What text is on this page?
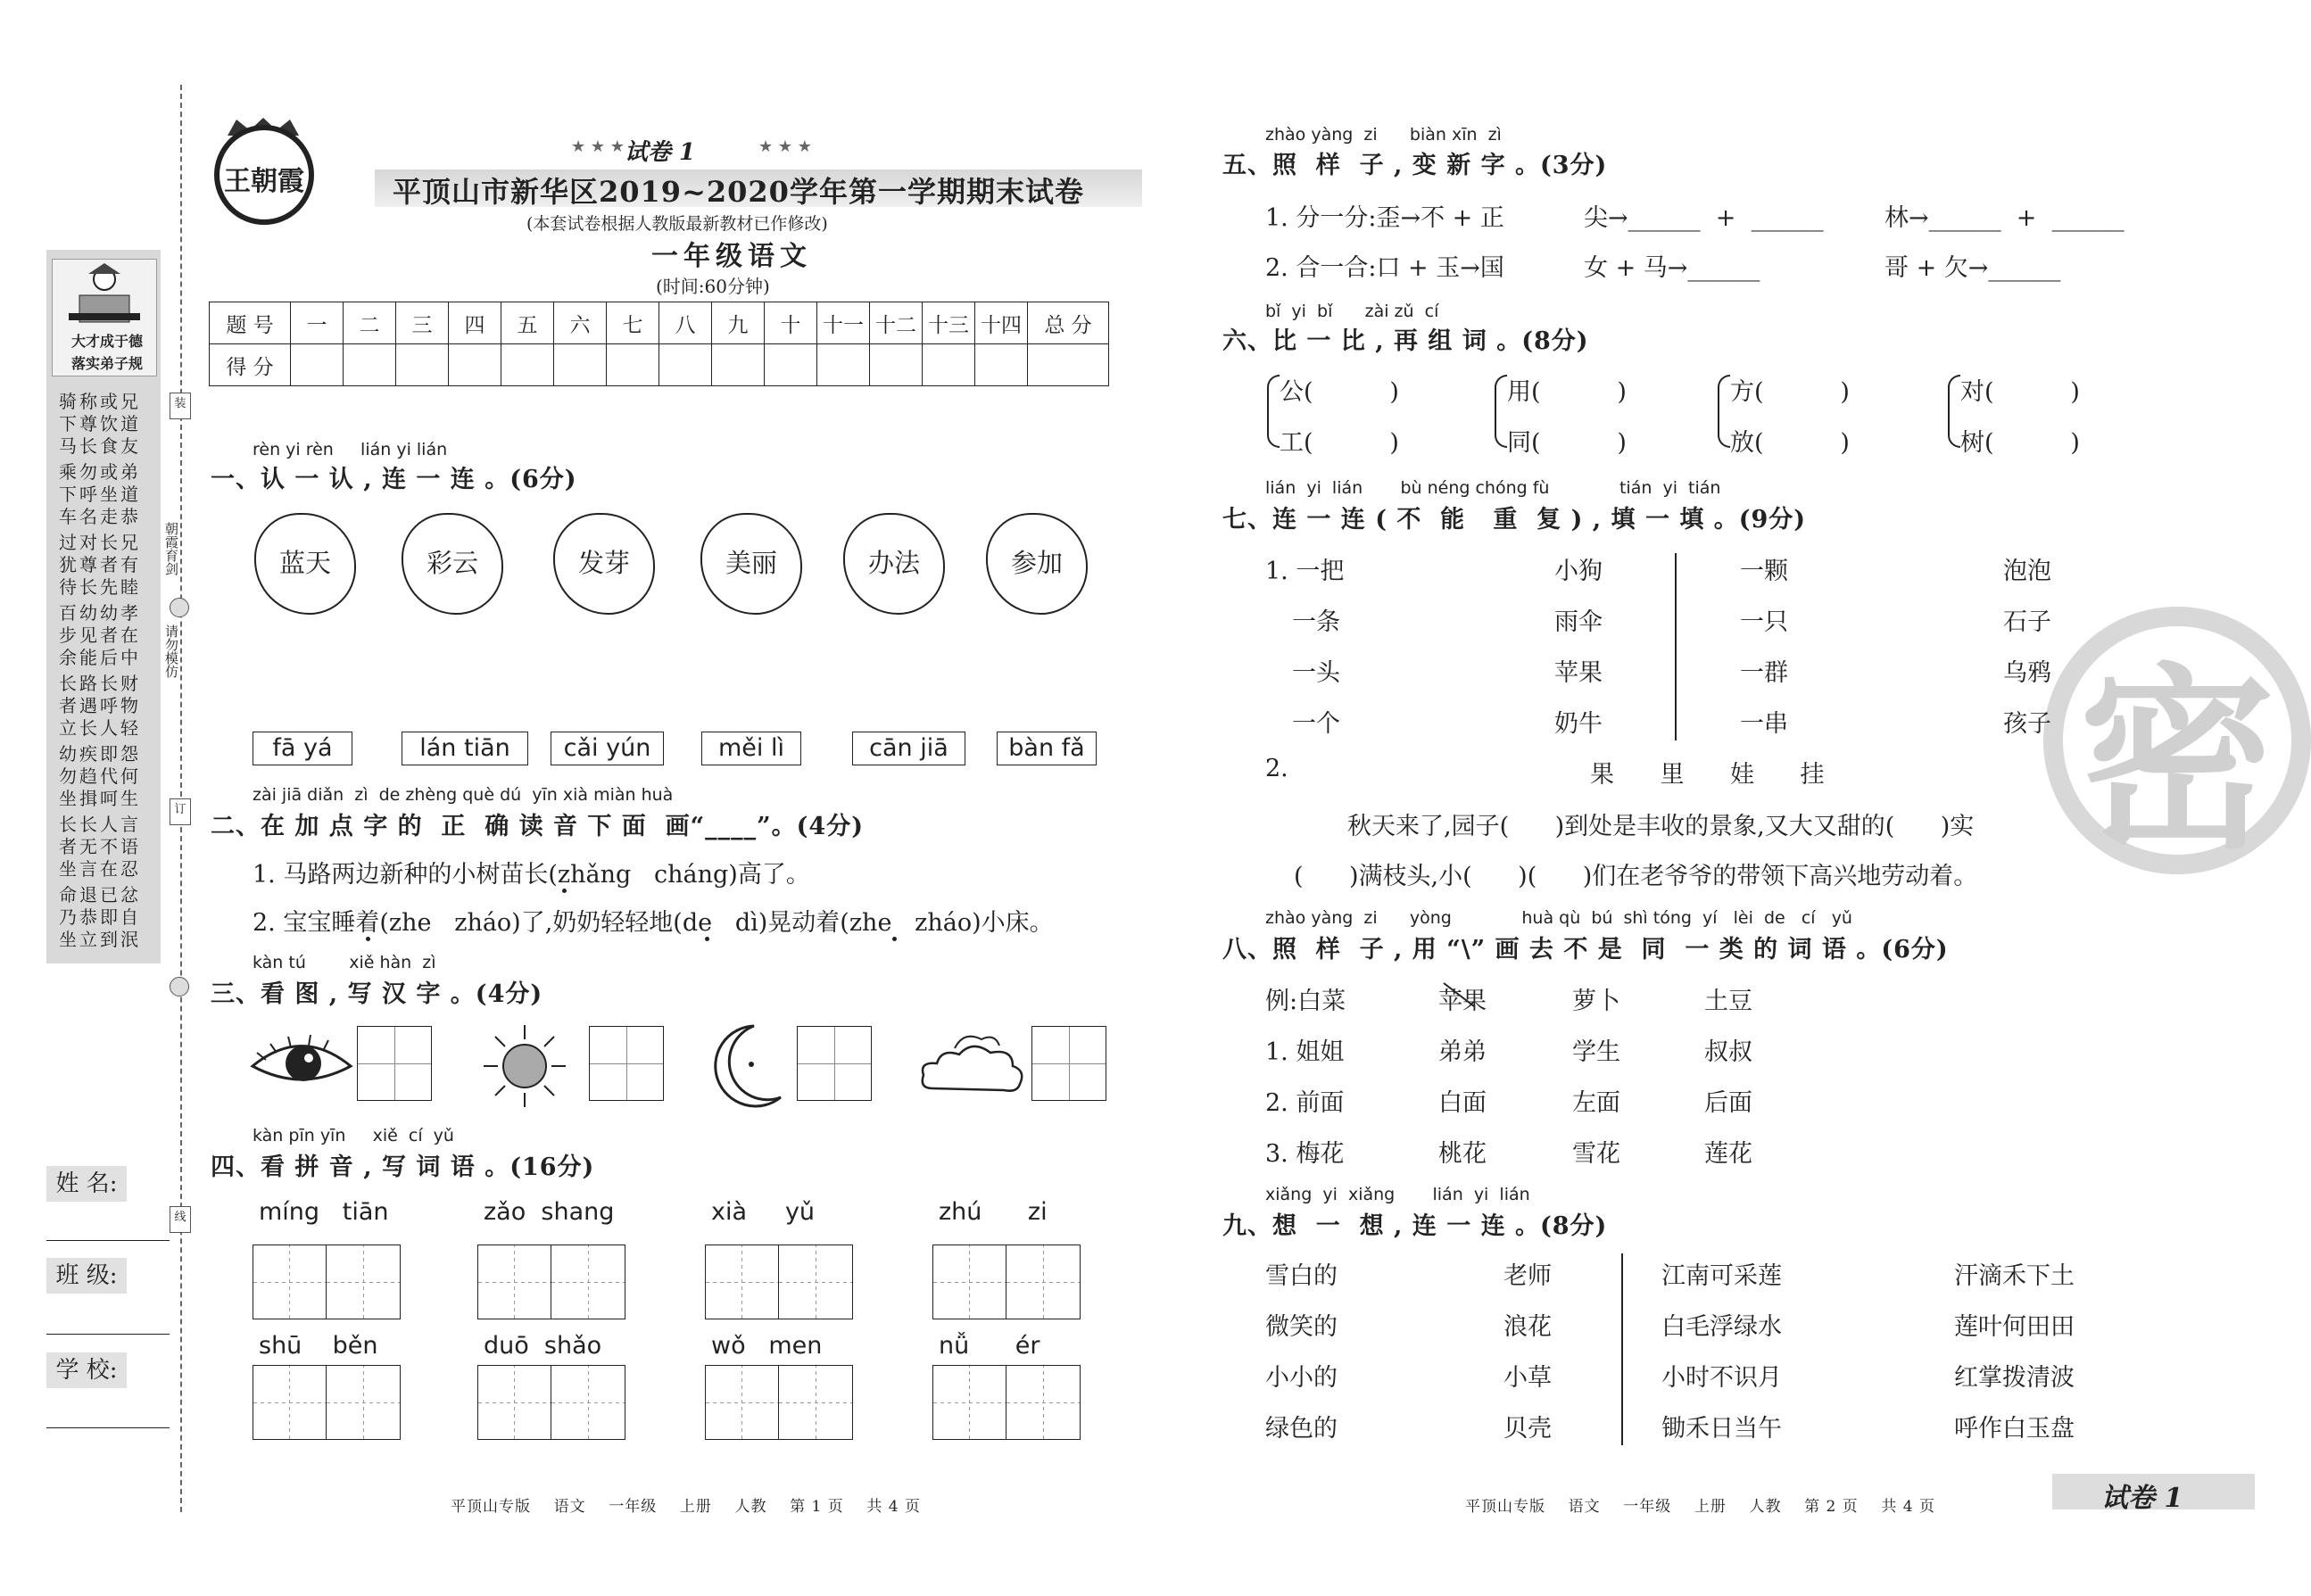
大才成于德
落实弟子规
骑称或兄
下尊饮道
马长食友
乘勿或弟
下呼坐道
车名走恭
过对长兄
犹尊者有
待长先睦
百幼幼孝
步见者在
余能后中
长路长财
者遇呼物
立长人轻
幼疾即怨
勿趋代何
坐揖呵生
长长人言
者无不语
坐言在忍
命退已忿
乃恭即自
坐立到泯
装
订
线
朝霞育剑
请勿模仿
姓 名:
班 级:
学 校:
王朝霞
试卷 1
★ ★ ★	★ ★ ★
平顶山市新华区2019~2020学年第一学期期末试卷
(本套试卷根据人教版最新教材已作修改)
一年级语文
(时间:60分钟)
题 号	一	二	三	四	五	六	七	八	九	十	十一	十二	十三	十四	总 分
得 分															
rèn yi rèn     lián yi lián
一、认 一 认 , 连 一 连 。(6分)
蓝天	彩云	发芽	美丽	办法	参加
fā yá	lán tiān	cǎi yún	měi lì	cān jiā	bàn fǎ
zài jiā diǎn  zì  de zhèng què dú  yīn xià miàn huà
二、在 加 点 字 的  正  确 读 音 下 面  画“____”。(4分)
1. 马路两边新种的小树苗长(zhǎng   cháng)高了。
2. 宝宝睡着(zhe   zháo)了,奶奶轻轻地(de   dì)晃动着(zhe   zháo)小床。
kàn tú        xiě hàn  zì
三、看 图 , 写 汉 字 。(4分)
kàn pīn yīn     xiě  cí  yǔ
四、看 拼 音 , 写 词 语 。(16分)
míng   tiān	zǎo  shang	xià     yǔ	zhú      zi
shū    běn	duō  shǎo	wǒ   men	nǚ      ér
密
zhào yàng  zi      biàn xīn  zì
五、照  样  子 , 变 新 字 。(3分)
1. 分一分:歪→不 + 正	尖→______  +  ______	林→______  +  ______
2. 合一合:口 + 玉→国	女 + 马→______	哥 + 欠→______
bǐ  yi  bǐ      zài zǔ  cí
六、比 一 比 , 再 组 词 。(8分)
公(          )
工(          )
用(          )
同(          )
方(          )
放(          )
对(          )
树(          )
lián  yi  lián       bù néng chóng fù             tián  yi  tián
七、连 一 连 ( 不  能   重  复 ) , 填 一 填 。(9分)
1. 一把
一条
一头
一个
小狗
雨伞
苹果
奶牛
一颗
一只
一群
一串
泡泡
石子
乌鸦
孩子
2.	果      里      娃      挂
秋天来了,园子(      )到处是丰收的景象,又大又甜的(      )实
(      )满枝头,小(      )(      )们在老爷爷的带领下高兴地劳动着。
zhào yàng  zi      yòng             huà qù  bú  shì tóng  yí   lèi  de   cí   yǔ
八、照  样  子 , 用 “\” 画 去 不 是  同  一 类 的 词 语 。(6分)
例:白菜	苹果	萝卜	土豆
1. 姐姐	弟弟	学生	叔叔
2. 前面	白面	左面	后面
3. 梅花	桃花	雪花	莲花
xiǎng  yi  xiǎng       lián  yi  lián
九、想  一  想 , 连 一 连 。(8分)
雪白的
微笑的
小小的
绿色的
老师
浪花
小草
贝壳
江南可采莲
白毛浮绿水
小时不识月
锄禾日当午
汗滴禾下土
莲叶何田田
红掌拨清波
呼作白玉盘
平顶山专版    语文    一年级    上册    人教    第 1 页    共 4 页	平顶山专版    语文    一年级    上册    人教    第 2 页    共 4 页	试卷 1
